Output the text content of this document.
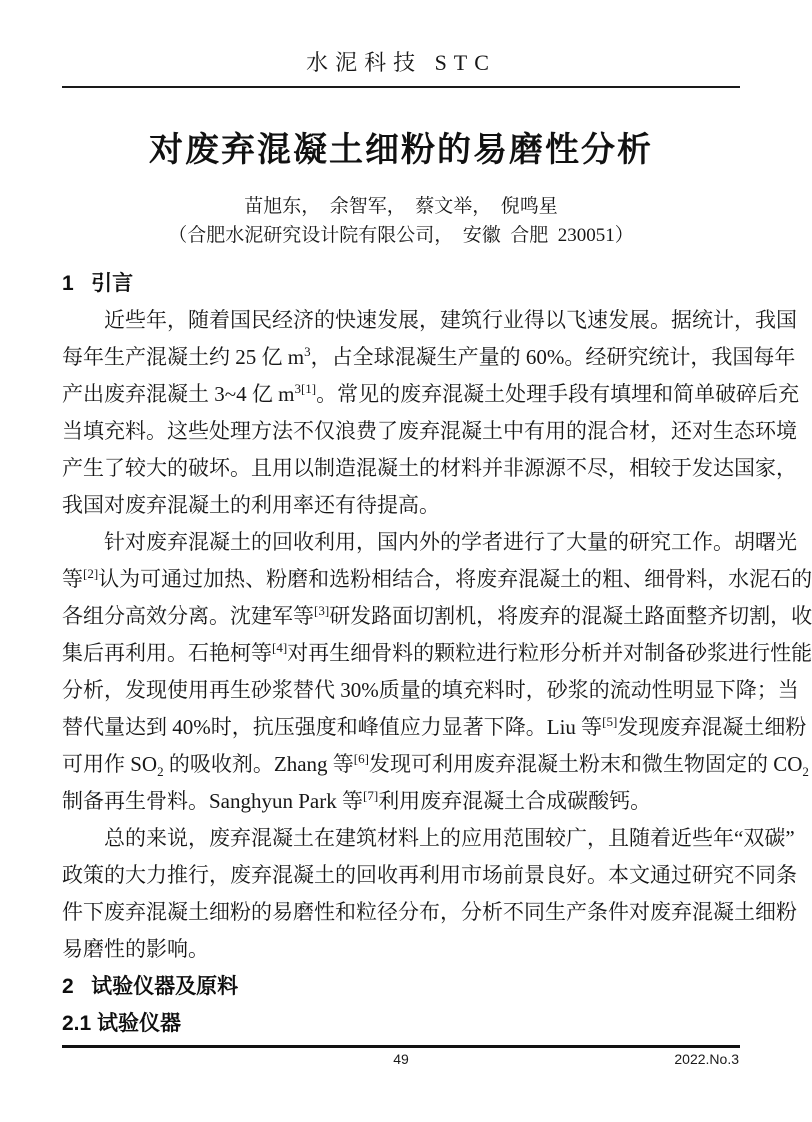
水泥科技 STC
对废弃混凝土细粉的易磨性分析
苗旭东，  余智军，  蔡文举，  倪鸣星
（合肥水泥研究设计院有限公司，  安徽  合肥  230051）
1   引言
近些年，随着国民经济的快速发展，建筑行业得以飞速发展。据统计，我国
每年生产混凝土约 25 亿 $m^3$，占全球混凝生产量的 60%。经研究统计，我国每年
产出废弃混凝土 3~4 亿 $m^{3[1]}$。常见的废弃混凝土处理手段有填埋和简单破碎后充
当填充料。这些处理方法不仅浪费了废弃混凝土中有用的混合材，还对生态环境
产生了较大的破坏。且用以制造混凝土的材料并非源源不尽，相较于发达国家，
我国对废弃混凝土的利用率还有待提高。
针对废弃混凝土的回收利用，国内外的学者进行了大量的研究工作。胡曙光
等[2]认为可通过加热、粉磨和选粉相结合，将废弃混凝土的粗、细骨料，水泥石的
各组分高效分离。沈建军等[3]研发路面切割机，将废弃的混凝土路面整齐切割，收
集后再利用。石艳柯等[4]对再生细骨料的颗粒进行粒形分析并对制备砂浆进行性能
分析，发现使用再生砂浆替代 30%质量的填充料时，砂浆的流动性明显下降；当
替代量达到 40%时，抗压强度和峰值应力显著下降。Liu 等[5]发现废弃混凝土细粉
可用作 $SO_2$ 的吸收剂。Zhang 等[6]发现可利用废弃混凝土粉末和微生物固定的 $CO_2$
制备再生骨料。Sanghyun Park 等[7]利用废弃混凝土合成碳酸钙。
总的来说，废弃混凝土在建筑材料上的应用范围较广，且随着近些年“双碳”
政策的大力推行，废弃混凝土的回收再利用市场前景良好。本文通过研究不同条
件下废弃混凝土细粉的易磨性和粒径分布，分析不同生产条件对废弃混凝土细粉
易磨性的影响。
2   试验仪器及原料
2.1 试验仪器
49	2022.No.3
